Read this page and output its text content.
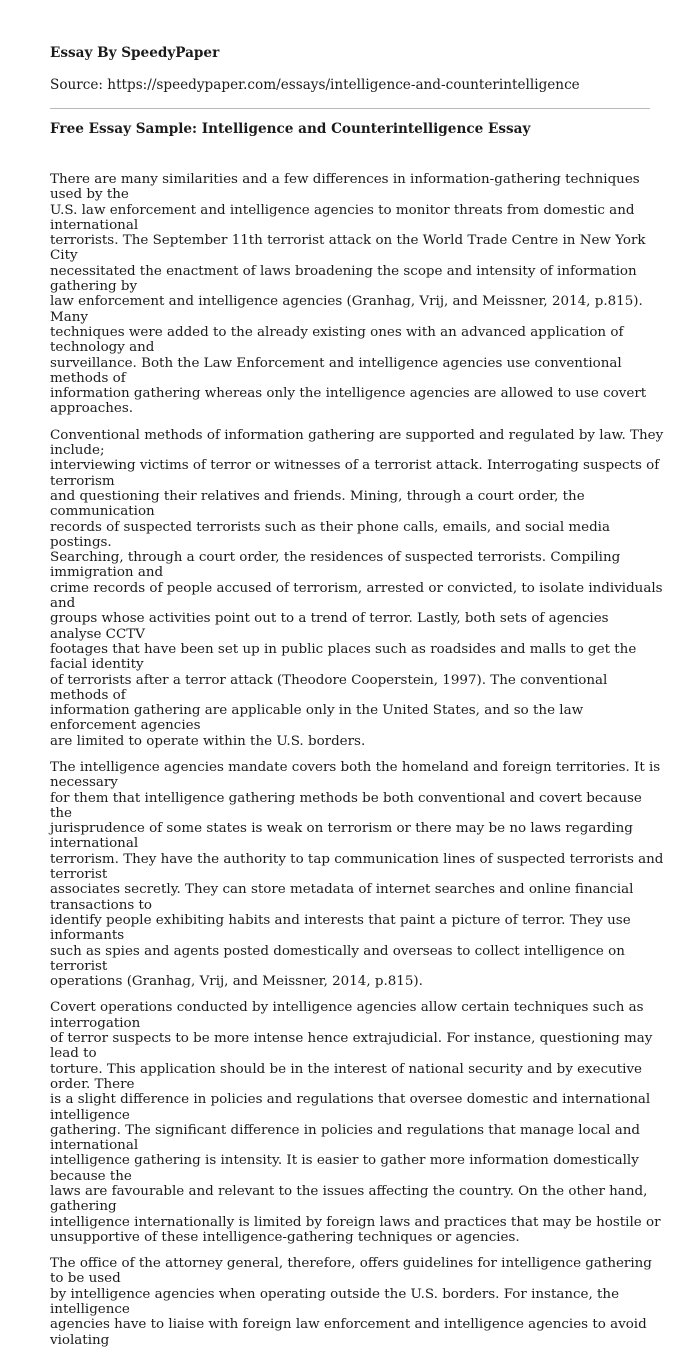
Essay By SpeedyPaper

Source: https://speedypaper.com/essays/intelligence-and-counterintelligence

Free Essay Sample: Intelligence and Counterintelligence Essay

There are many similarities and a few differences in information-gathering techniques used by the
U.S. law enforcement and intelligence agencies to monitor threats from domestic and international
terrorists. The September 11th terrorist attack on the World Trade Centre in New York City
necessitated the enactment of laws broadening the scope and intensity of information gathering by
law enforcement and intelligence agencies (Granhag, Vrij, and Meissner, 2014, p.815). Many
techniques were added to the already existing ones with an advanced application of technology and
surveillance. Both the Law Enforcement and intelligence agencies use conventional methods of
information gathering whereas only the intelligence agencies are allowed to use covert approaches.

Conventional methods of information gathering are supported and regulated by law. They include;
interviewing victims of terror or witnesses of a terrorist attack. Interrogating suspects of terrorism
and questioning their relatives and friends. Mining, through a court order, the communication
records of suspected terrorists such as their phone calls, emails, and social media postings.
Searching, through a court order, the residences of suspected terrorists. Compiling immigration and
crime records of people accused of terrorism, arrested or convicted, to isolate individuals and
groups whose activities point out to a trend of terror. Lastly, both sets of agencies analyse CCTV
footages that have been set up in public places such as roadsides and malls to get the facial identity
of terrorists after a terror attack (Theodore Cooperstein, 1997). The conventional methods of
information gathering are applicable only in the United States, and so the law enforcement agencies
are limited to operate within the U.S. borders.

The intelligence agencies mandate covers both the homeland and foreign territories. It is necessary
for them that intelligence gathering methods be both conventional and covert because the
jurisprudence of some states is weak on terrorism or there may be no laws regarding international
terrorism. They have the authority to tap communication lines of suspected terrorists and terrorist
associates secretly. They can store metadata of internet searches and online financial transactions to
identify people exhibiting habits and interests that paint a picture of terror. They use informants
such as spies and agents posted domestically and overseas to collect intelligence on terrorist
operations (Granhag, Vrij, and Meissner, 2014, p.815).

Covert operations conducted by intelligence agencies allow certain techniques such as interrogation
of terror suspects to be more intense hence extrajudicial. For instance, questioning may lead to
torture. This application should be in the interest of national security and by executive order. There
is a slight difference in policies and regulations that oversee domestic and international intelligence
gathering. The significant difference in policies and regulations that manage local and international
intelligence gathering is intensity. It is easier to gather more information domestically because the
laws are favourable and relevant to the issues affecting the country. On the other hand, gathering
intelligence internationally is limited by foreign laws and practices that may be hostile or
unsupportive of these intelligence-gathering techniques or agencies.

The office of the attorney general, therefore, offers guidelines for intelligence gathering to be used
by intelligence agencies when operating outside the U.S. borders. For instance, the intelligence
agencies have to liaise with foreign law enforcement and intelligence agencies to avoid violating
